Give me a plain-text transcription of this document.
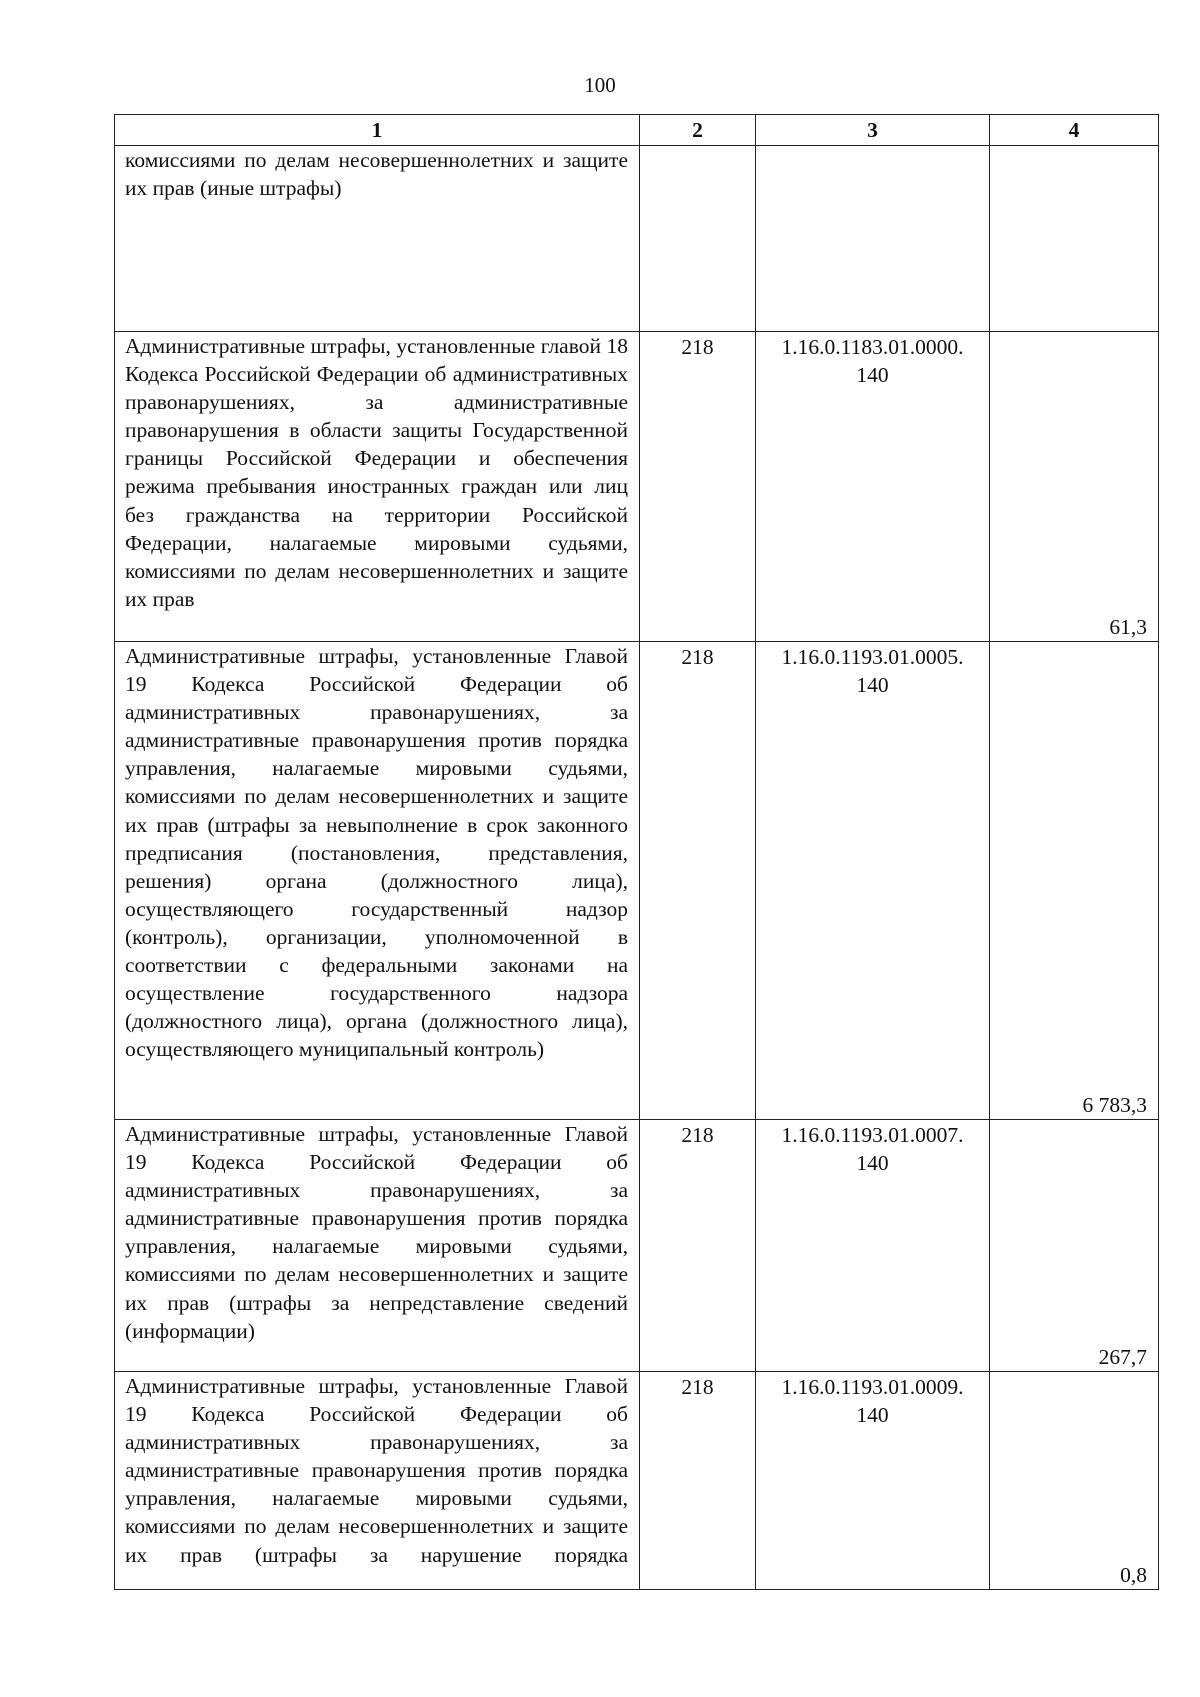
100
1	2	3	4

комиссиями по делам несовершеннолетних и защите их прав (иные штрафы)			

Административные штрафы, установленные главой 18 Кодекса Российской Федерации об административных правонарушениях, за административные правонарушения в области защиты Государственной границы Российской Федерации и обеспечения режима пребывания иностранных граждан или лиц без гражданства на территории Российской Федерации, налагаемые мировыми судьями, комиссиями по делам несовершеннолетних и защите их прав	218	1.16.0.1183.01.0000.
140	61,3

Административные штрафы, установленные Главой 19 Кодекса Российской Федерации об административных правонарушениях, за административные правонарушения против порядка управления, налагаемые мировыми судьями, комиссиями по делам несовершеннолетних и защите их прав (штрафы за невыполнение в срок законного предписания (постановления, представления, решения) органа (должностного лица), осуществляющего государственный надзор (контроль), организации, уполномоченной в соответствии с федеральными законами на осуществление государственного надзора (должностного лица), органа (должностного лица), осуществляющего муниципальный контроль)	218	1.16.0.1193.01.0005.
140	6 783,3

Административные штрафы, установленные Главой 19 Кодекса Российской Федерации об административных правонарушениях, за административные правонарушения против порядка управления, налагаемые мировыми судьями, комиссиями по делам несовершеннолетних и защите их прав (штрафы за непредставление сведений (информации)	218	1.16.0.1193.01.0007.
140	267,7

Административные штрафы, установленные Главой 19 Кодекса Российской Федерации об административных правонарушениях, за административные правонарушения против порядка управления, налагаемые мировыми судьями, комиссиями по делам несовершеннолетних и защите их прав (штрафы за нарушение порядка	218	1.16.0.1193.01.0009.
140	0,8
